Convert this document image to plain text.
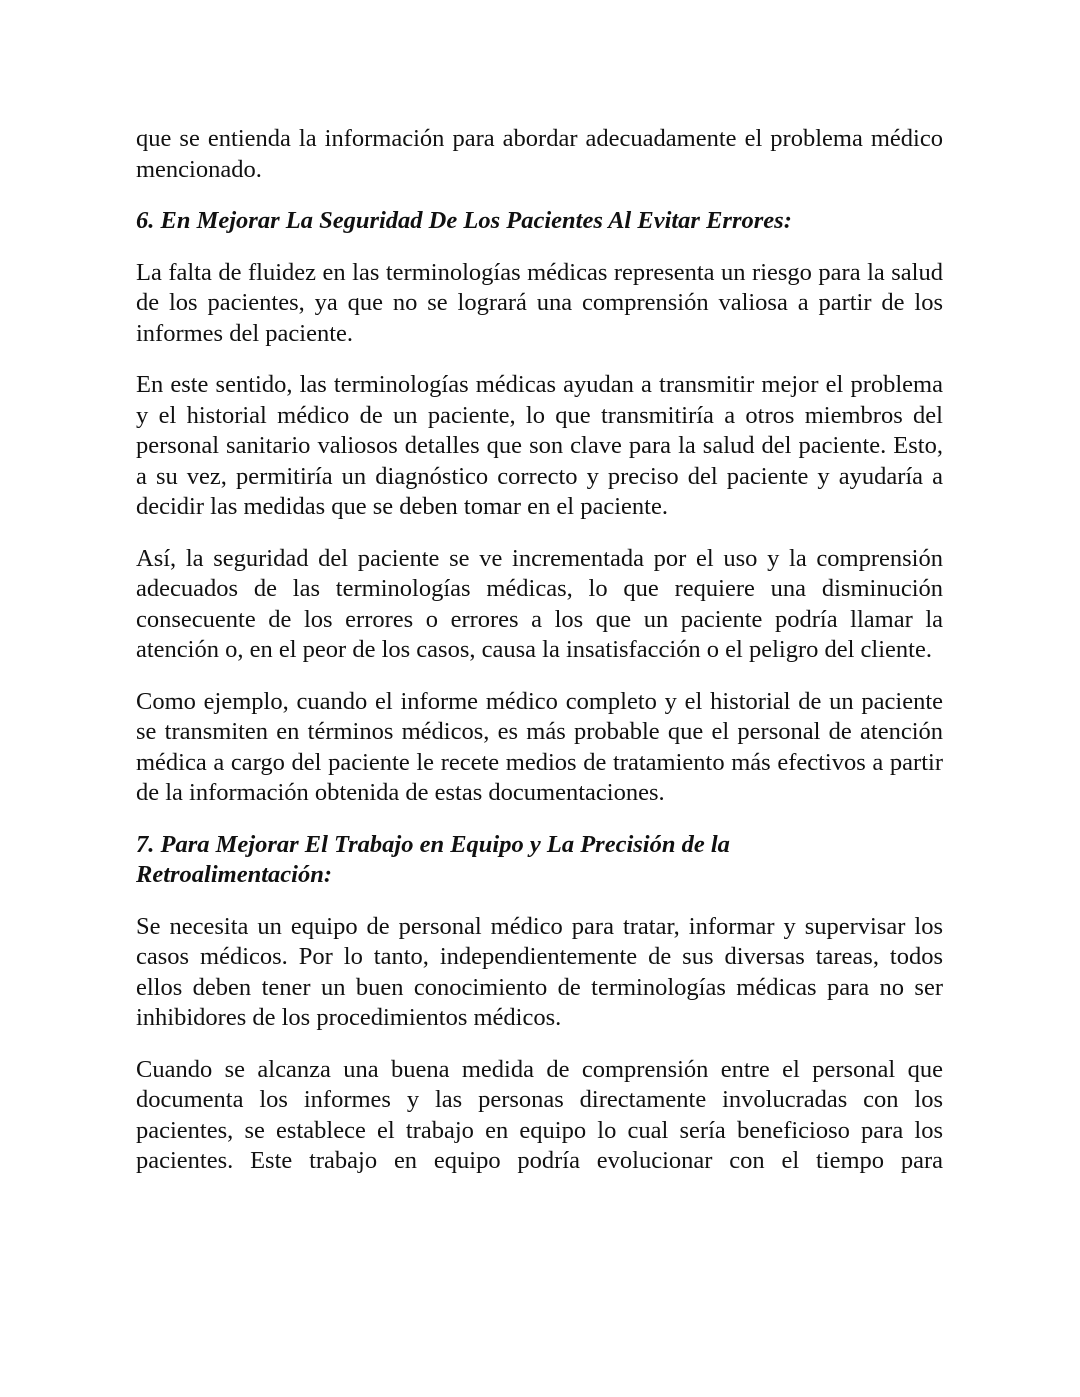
que se entienda la información para abordar adecuadamente el problema médico mencionado.

6. En Mejorar La Seguridad De Los Pacientes Al Evitar Errores:

La falta de fluidez en las terminologías médicas representa un riesgo para la salud de los pacientes, ya que no se logrará una comprensión valiosa a partir de los informes del paciente.

En este sentido, las terminologías médicas ayudan a transmitir mejor el problema y el historial médico de un paciente, lo que transmitiría a otros miembros del personal sanitario valiosos detalles que son clave para la salud del paciente. Esto, a su vez, permitiría un diagnóstico correcto y preciso del paciente y ayudaría a decidir las medidas que se deben tomar en el paciente.

Así, la seguridad del paciente se ve incrementada por el uso y la comprensión adecuados de las terminologías médicas, lo que requiere una disminución consecuente de los errores o errores a los que un paciente podría llamar la atención o, en el peor de los casos, causa la insatisfacción o el peligro del cliente.

Como ejemplo, cuando el informe médico completo y el historial de un paciente se transmiten en términos médicos, es más probable que el personal de atención médica a cargo del paciente le recete medios de tratamiento más efectivos a partir de la información obtenida de estas documentaciones.

7. Para Mejorar El Trabajo en Equipo y La Precisión de la
Retroalimentación:

Se necesita un equipo de personal médico para tratar, informar y supervisar los casos médicos. Por lo tanto, independientemente de sus diversas tareas, todos ellos deben tener un buen conocimiento de terminologías médicas para no ser inhibidores de los procedimientos médicos.

Cuando se alcanza una buena medida de comprensión entre el personal que documenta los informes y las personas directamente involucradas con los pacientes, se establece el trabajo en equipo lo cual sería beneficioso para los pacientes. Este trabajo en equipo podría evolucionar con el tiempo para
